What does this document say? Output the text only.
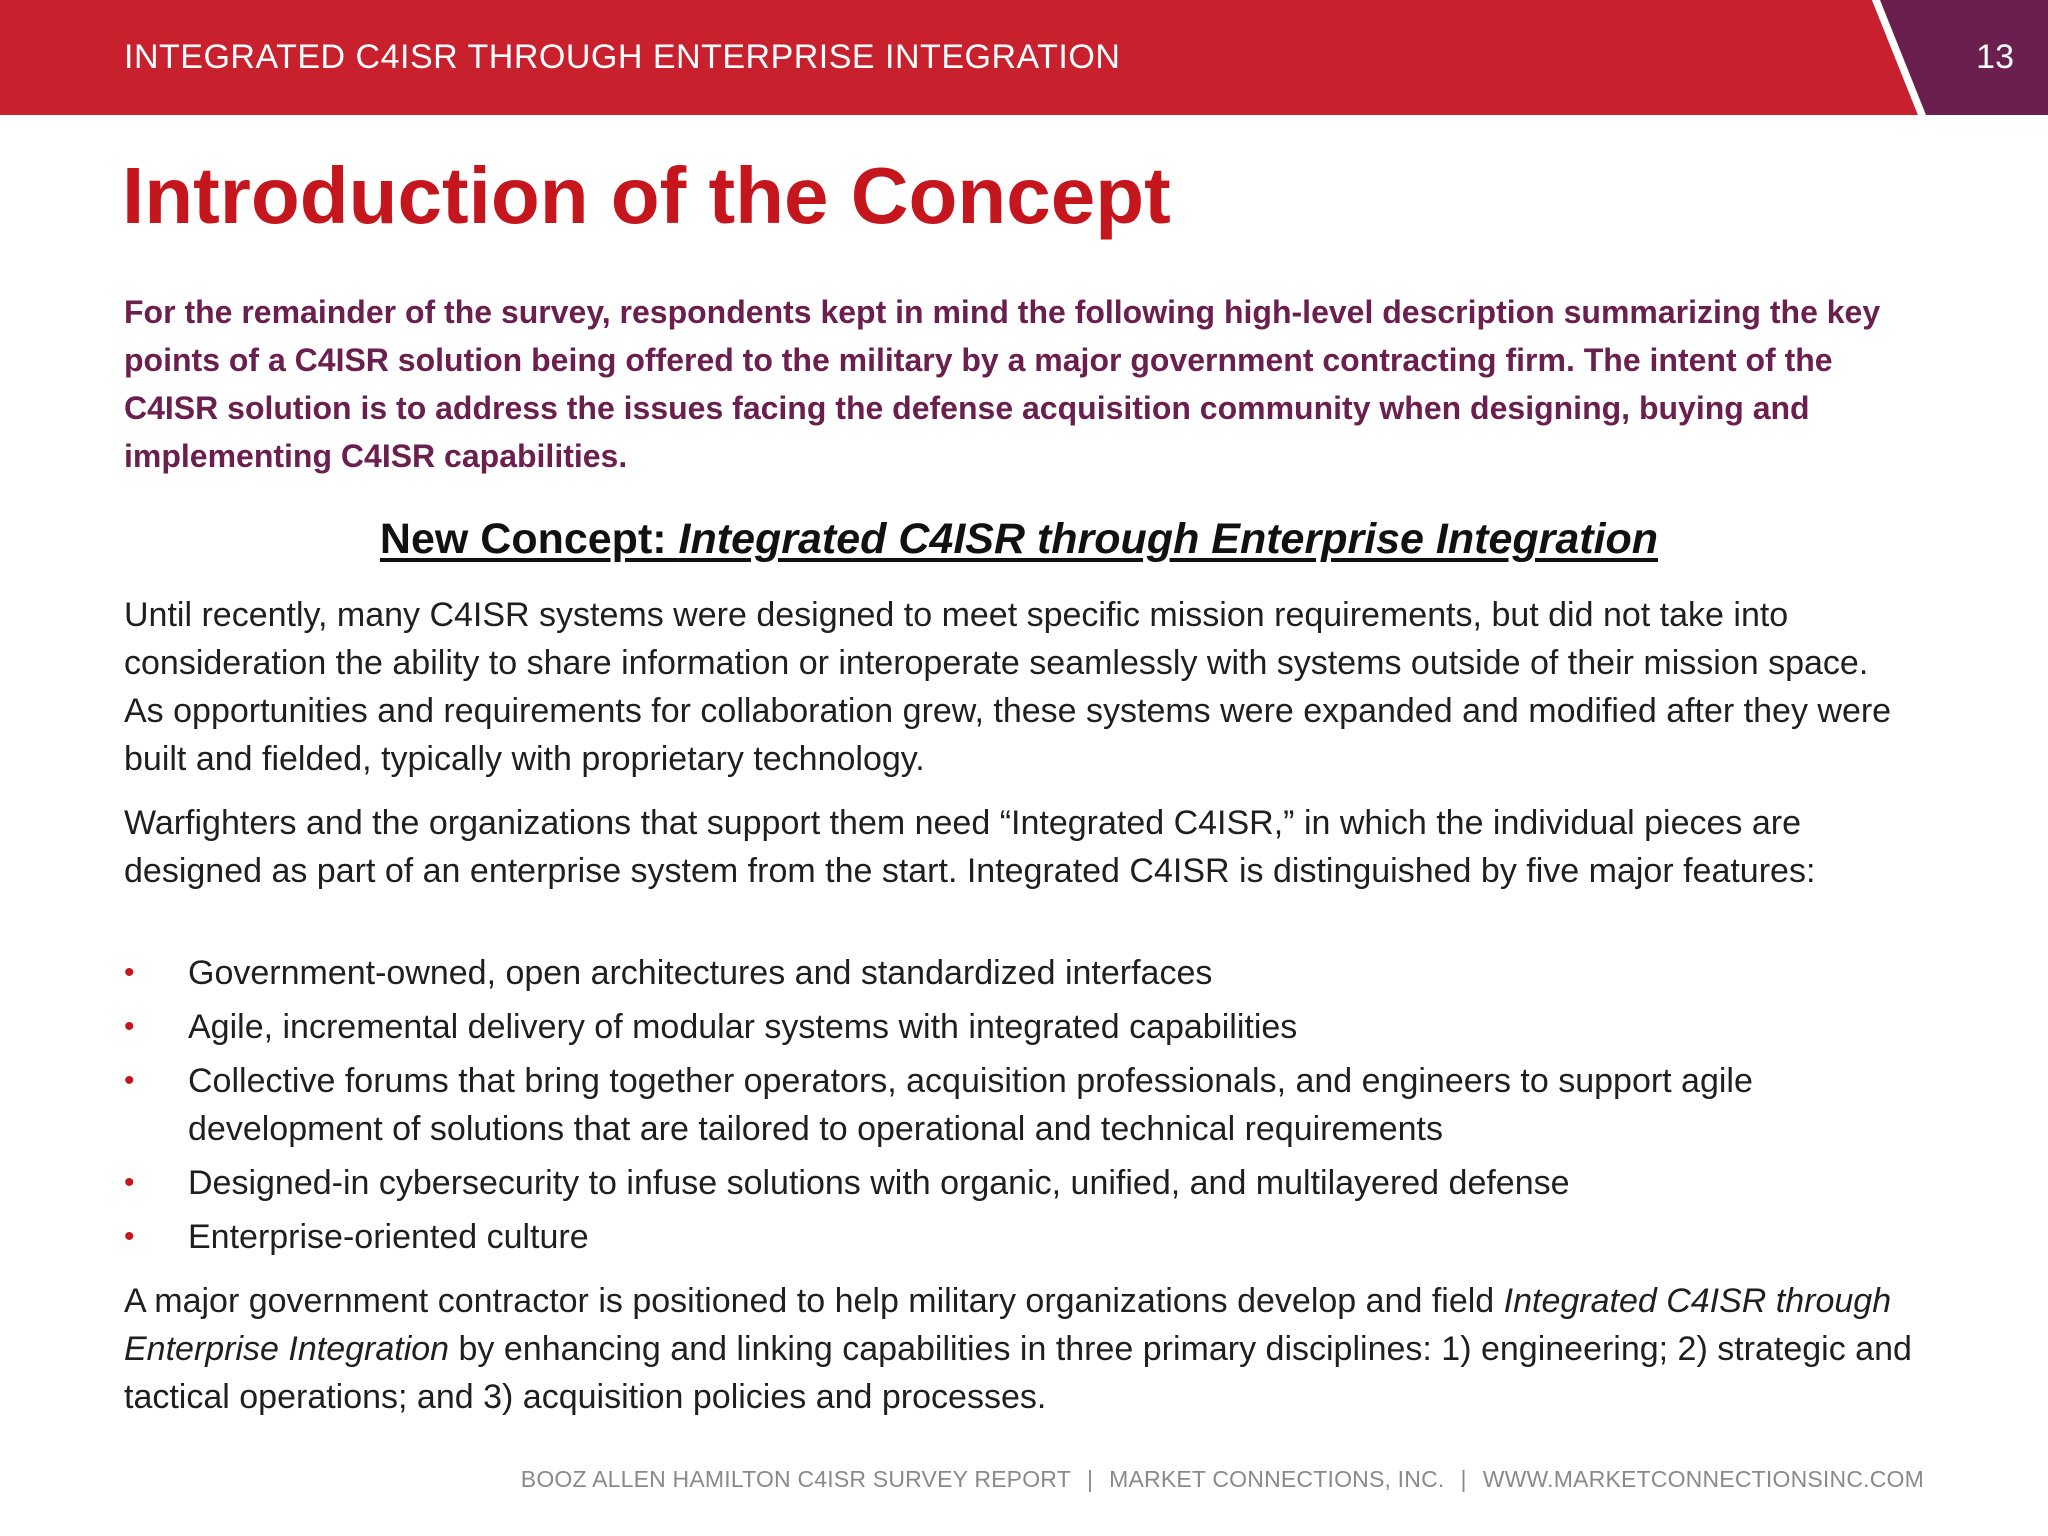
INTEGRATED C4ISR THROUGH ENTERPRISE INTEGRATION	13
Introduction of the Concept

For the remainder of the survey, respondents kept in mind the following high-level description summarizing the key points of a C4ISR solution being offered to the military by a major government contracting firm. The intent of the C4ISR solution is to address the issues facing the defense acquisition community when designing, buying and implementing C4ISR capabilities.

New Concept: Integrated C4ISR through Enterprise Integration

Until recently, many C4ISR systems were designed to meet specific mission requirements, but did not take into consideration the ability to share information or interoperate seamlessly with systems outside of their mission space. As opportunities and requirements for collaboration grew, these systems were expanded and modified after they were built and fielded, typically with proprietary technology.

Warfighters and the organizations that support them need “Integrated C4ISR,” in which the individual pieces are designed as part of an enterprise system from the start. Integrated C4ISR is distinguished by five major features:

• Government-owned, open architectures and standardized interfaces
• Agile, incremental delivery of modular systems with integrated capabilities
• Collective forums that bring together operators, acquisition professionals, and engineers to support agile development of solutions that are tailored to operational and technical requirements
• Designed-in cybersecurity to infuse solutions with organic, unified, and multilayered defense
• Enterprise-oriented culture

A major government contractor is positioned to help military organizations develop and field Integrated C4ISR through Enterprise Integration by enhancing and linking capabilities in three primary disciplines: 1) engineering; 2) strategic and tactical operations; and 3) acquisition policies and processes.

BOOZ ALLEN HAMILTON C4ISR SURVEY REPORT | MARKET CONNECTIONS, INC. | WWW.MARKETCONNECTIONSINC.COM
